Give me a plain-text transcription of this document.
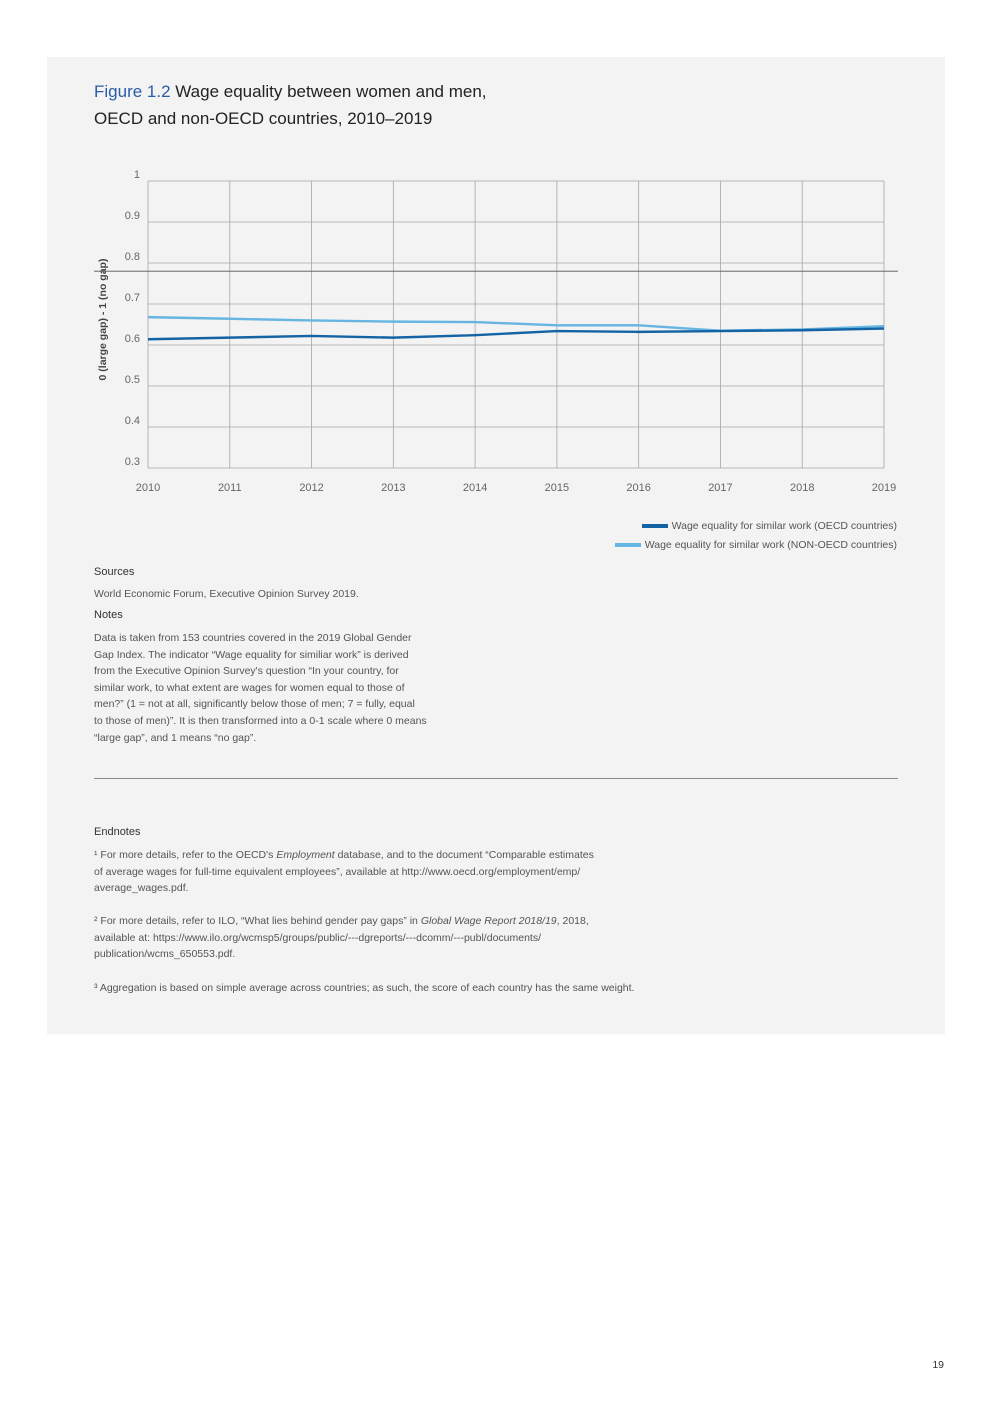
Figure 1.2 Wage equality between women and men,
OECD and non-OECD countries, 2010–2019
0.3
0.4
0.5
0.6
0.7
0.8
0.9
1
2010	2011	2012	2013	2014	2015	2016	2017	2018	2019
0 (large gap) - 1 (no gap)
Wage equality for similar work (OECD countries)
Wage equality for similar work (NON-OECD countries)
Sources
World Economic Forum, Executive Opinion Survey 2019.
Notes
Data is taken from 153 countries covered in the 2019 Global Gender
Gap Index. The indicator “Wage equality for similiar work” is derived
from the Executive Opinion Survey's question “In your country, for
similar work, to what extent are wages for women equal to those of
men?” (1 = not at all, significantly below those of men; 7 = fully, equal
to those of men)”. It is then transformed into a 0-1 scale where 0 means
“large gap”, and 1 means “no gap”.
Endnotes

¹ For more details, refer to the OECD's Employment database, and to the document “Comparable estimates

of average wages for full-time equivalent employees”, available at http://www.oecd.org/employment/emp/

average_wages.pdf.

² For more details, refer to ILO, “What lies behind gender pay gaps” in Global Wage Report 2018/19, 2018,

available at: https://www.ilo.org/wcmsp5/groups/public/---dgreports/---dcomm/---publ/documents/

publication/wcms_650553.pdf.

³ Aggregation is based on simple average across countries; as such, the score of each country has the same weight.

19
